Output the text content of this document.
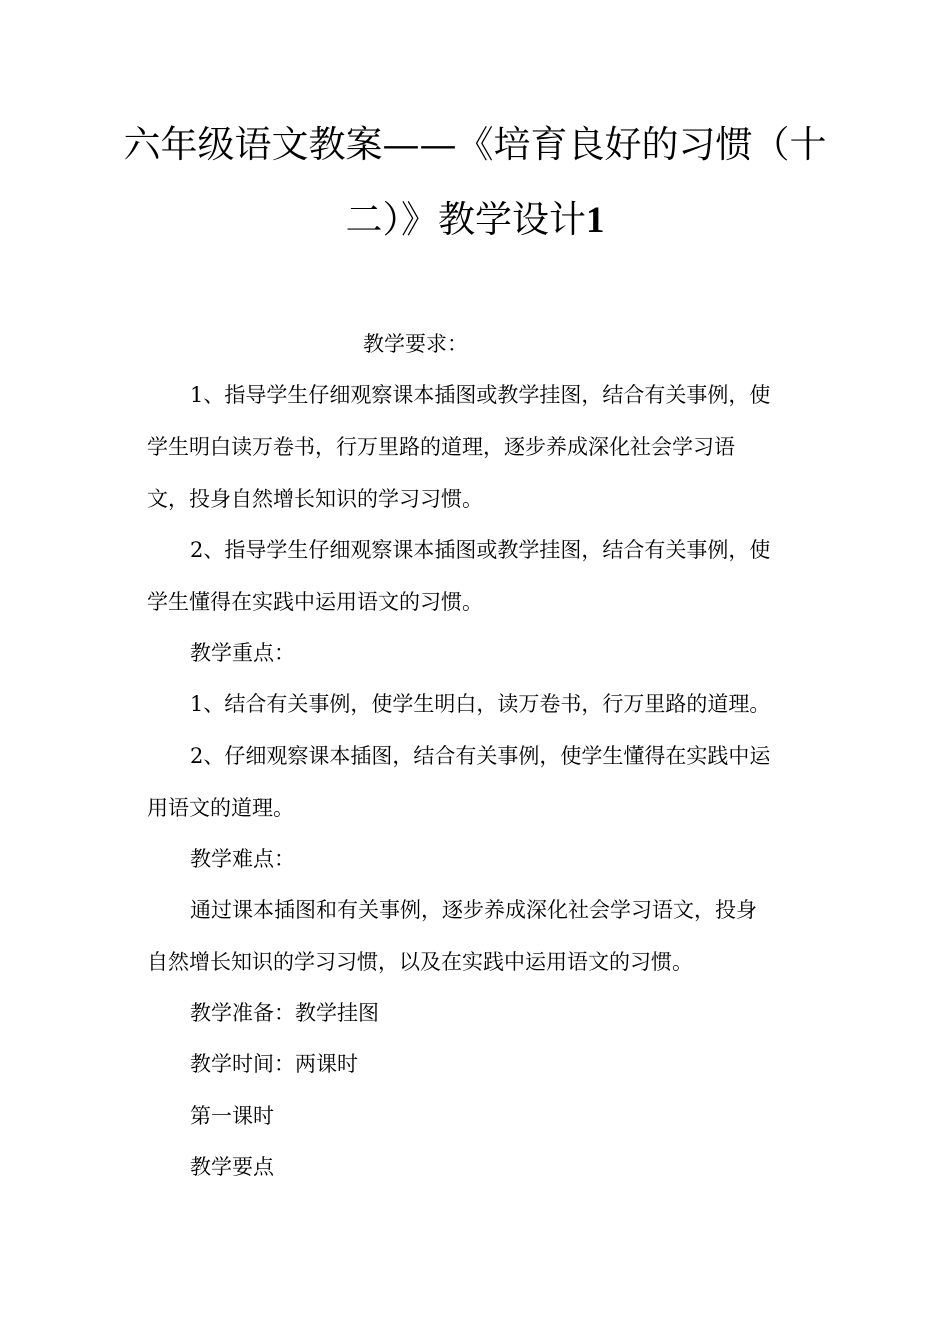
六年级语文教案——《培育良好的习惯（十
二）》教学设计1
教学要求：
1、指导学生仔细观察课本插图或教学挂图，结合有关事例，使
学生明白读万卷书，行万里路的道理，逐步养成深化社会学习语
文，投身自然增长知识的学习习惯。
2、指导学生仔细观察课本插图或教学挂图，结合有关事例，使
学生懂得在实践中运用语文的习惯。
教学重点：
1、结合有关事例，使学生明白，读万卷书，行万里路的道理。
2、仔细观察课本插图，结合有关事例，使学生懂得在实践中运
用语文的道理。
教学难点：
通过课本插图和有关事例，逐步养成深化社会学习语文，投身
自然增长知识的学习习惯，以及在实践中运用语文的习惯。
教学准备：教学挂图
教学时间：两课时
第一课时
教学要点
